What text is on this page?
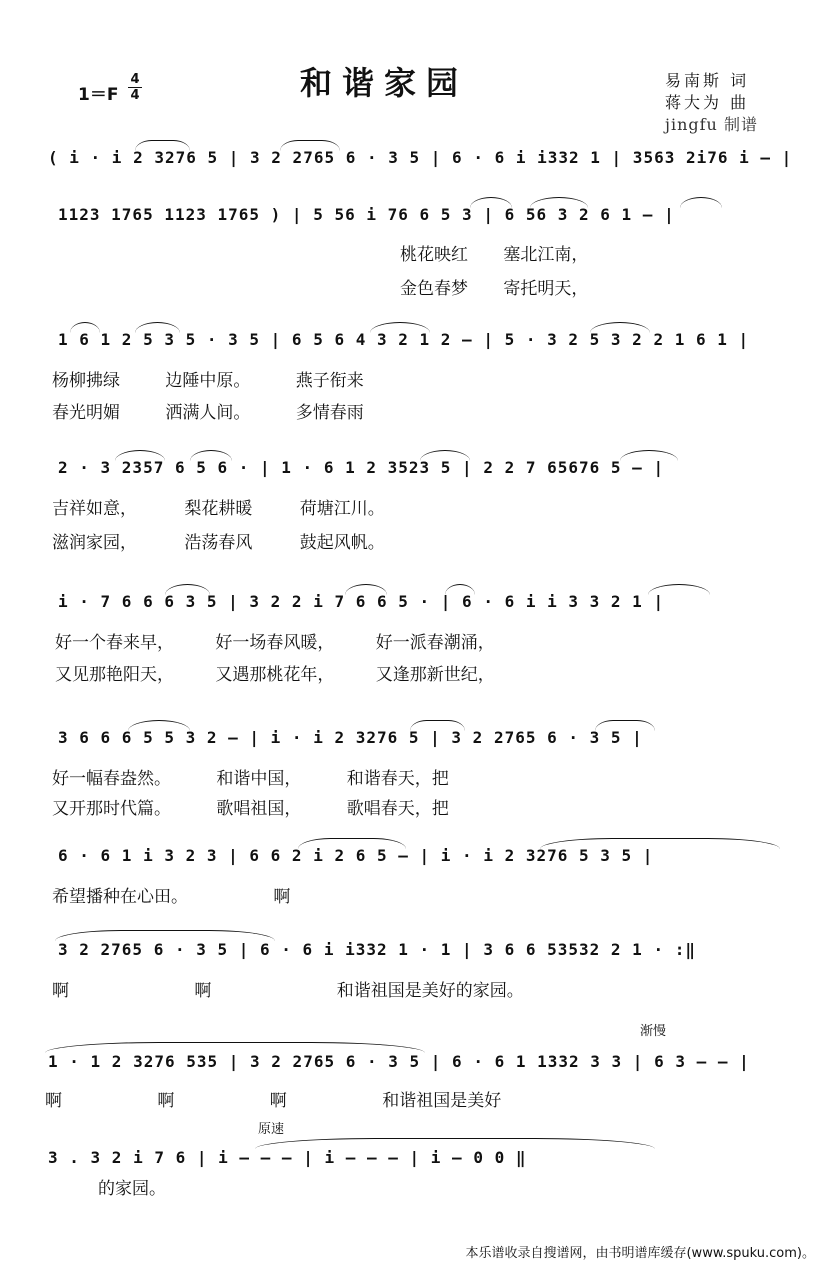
和谐家园
1＝F
4
4
易南斯 词
蒋大为 曲
jingfu 制谱
( i · i 2 3276 5 | 3 2 2765 6 · 3 5 | 6 · 6 i i332 1 | 3563 2i76 i – |
1123 1765 1123 1765 ) | 5 56 i 76 6 5 3 | 6 56 3 2 6 1 – |
桃花映红 塞北江南，
金色春梦 寄托明天，
1 6 1 2 5 3 5 · 3 5 | 6 5 6 4 3 2 1 2 – | 5 · 3 2 5 3 2 2 1 6 1 |
杨柳拂绿 边陲中原。 燕子衔来
春光明媚 洒满人间。 多情春雨
2 · 3 2357 6 5 6 · | 1 · 6 1 2 3523 5 | 2 2 7 65676 5 – |
吉祥如意， 梨花耕暖 荷塘江川。
滋润家园， 浩荡春风 鼓起风帆。
i · 7 6 6 6 3 5 | 3 2 2 i 7 6 6 5 · | 6 · 6 i i 3 3 2 1 |
好一个春来早， 好一场春风暖， 好一派春潮涌，
又见那艳阳天， 又遇那桃花年， 又逢那新世纪，
3 6 6 6 5 5 3 2 – | i · i 2 3276 5 | 3 2 2765 6 · 3 5 |
好一幅春盎然。 和谐中国， 和谐春天，把
又开那时代篇。 歌唱祖国， 歌唱春天，把
6 · 6 1 i 3 2 3 | 6 6 2 i 2 6 5 – | i · i 2 3276 5 3 5 |
希望播种在心田。 啊
3 2 2765 6 · 3 5 | 6 · 6 i i332 1 · 1 | 3 6 6 53532 2 1 · :‖
啊 啊 和谐祖国是美好的家园。
渐慢
1 · 1 2 3276 535 | 3 2 2765 6 · 3 5 | 6 · 6 1 1332 3 3 | 6 3 – – |
啊 啊 啊 和谐祖国是美好
原速
3 . 3 2 i 7 6 | i – – – | i – – – | i – 0 0 ‖
的家园。
本乐谱收录自搜谱网，由书明谱库缓存(www.spuku.com)。
